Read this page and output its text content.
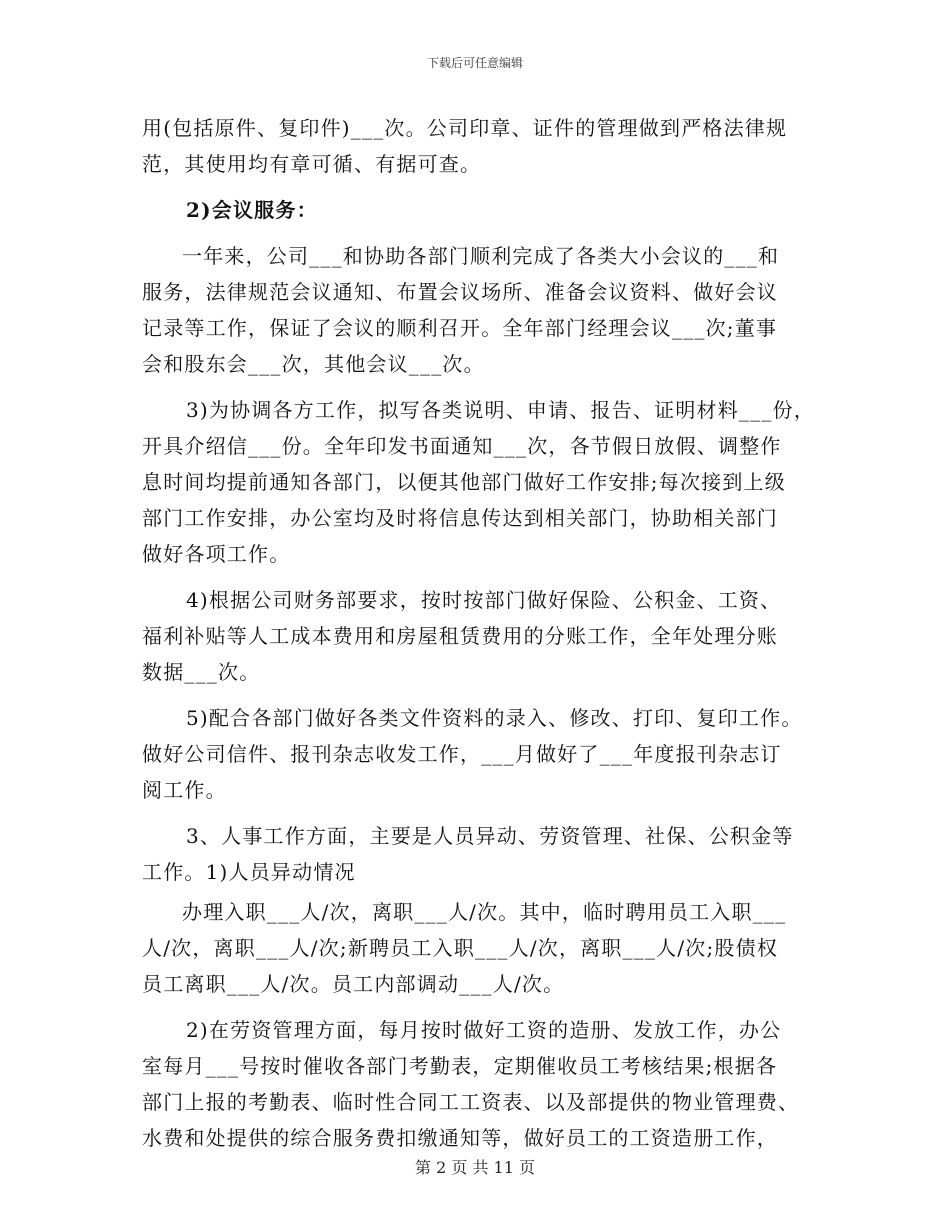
下载后可任意编辑
用(包括原件、复印件)___次。公司印章、证件的管理做到严格法律规
范，其使用均有章可循、有据可查。
2)会议服务：
一年来，公司___和协助各部门顺利完成了各类大小会议的___和
服务，法律规范会议通知、布置会议场所、准备会议资料、做好会议
记录等工作，保证了会议的顺利召开。全年部门经理会议___次;董事
会和股东会___次，其他会议___次。
3)为协调各方工作，拟写各类说明、申请、报告、证明材料___份，
开具介绍信___份。全年印发书面通知___次，各节假日放假、调整作
息时间均提前通知各部门，以便其他部门做好工作安排;每次接到上级
部门工作安排，办公室均及时将信息传达到相关部门，协助相关部门
做好各项工作。
4)根据公司财务部要求，按时按部门做好保险、公积金、工资、
福利补贴等人工成本费用和房屋租赁费用的分账工作，全年处理分账
数据___次。
5)配合各部门做好各类文件资料的录入、修改、打印、复印工作。
做好公司信件、报刊杂志收发工作，___月做好了___年度报刊杂志订
阅工作。
3、人事工作方面，主要是人员异动、劳资管理、社保、公积金等
工作。1)人员异动情况
办理入职___人/次，离职___人/次。其中，临时聘用员工入职___
人/次，离职___人/次;新聘员工入职___人/次，离职___人/次;股债权
员工离职___人/次。员工内部调动___人/次。
2)在劳资管理方面，每月按时做好工资的造册、发放工作，办公
室每月___号按时催收各部门考勤表，定期催收员工考核结果;根据各
部门上报的考勤表、临时性合同工工资表、以及部提供的物业管理费、
水费和处提供的综合服务费扣缴通知等，做好员工的工资造册工作，
第 2 页 共 11 页
